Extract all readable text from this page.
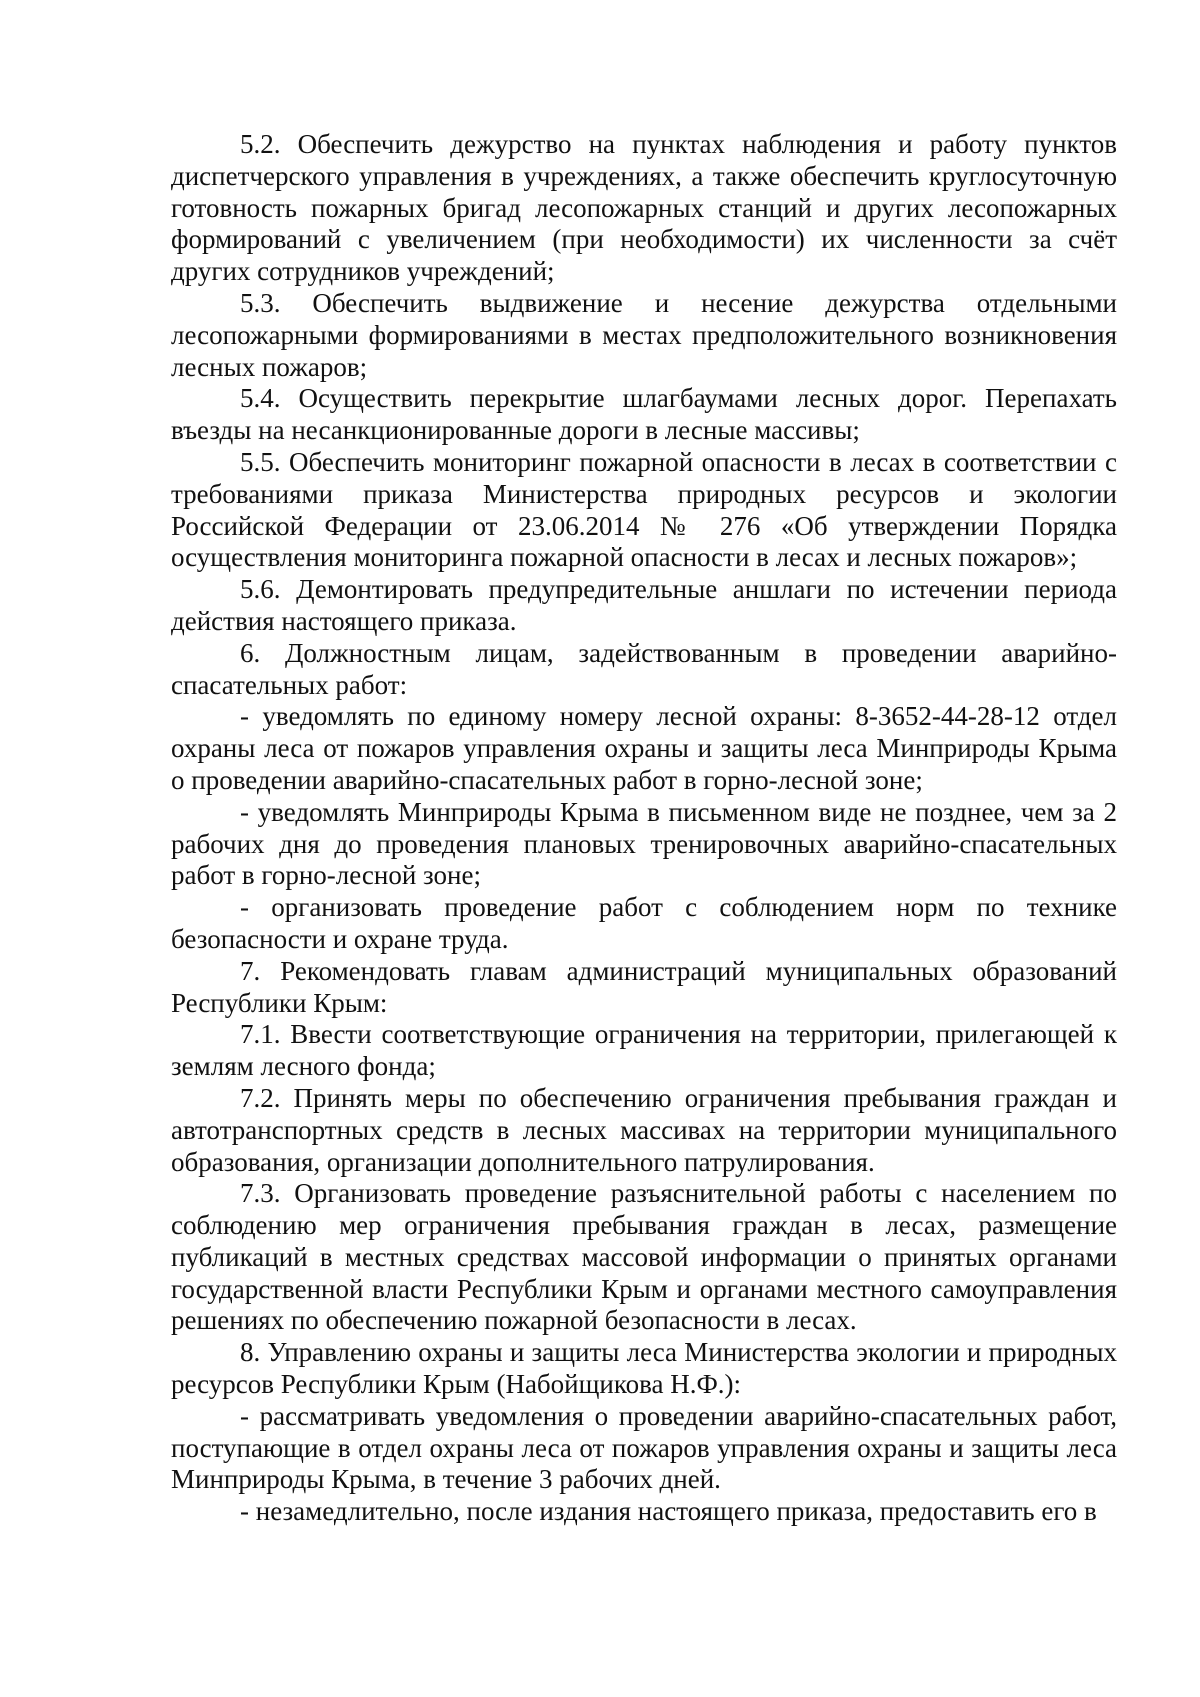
5.2. Обеспечить дежурство на пунктах наблюдения и работу пунктов диспетчерского управления в учреждениях, а также обеспечить круглосуточную готовность пожарных бригад лесопожарных станций и других лесопожарных формирований с увеличением (при необходимости) их численности за счёт других сотрудников учреждений;

5.3. Обеспечить выдвижение и несение дежурства отдельными лесопожарными формированиями в местах предположительного возникновения лесных пожаров;

5.4. Осуществить перекрытие шлагбаумами лесных дорог. Перепахать въезды на несанкционированные дороги в лесные массивы;

5.5. Обеспечить мониторинг пожарной опасности в лесах в соответствии с требованиями приказа Министерства природных ресурсов и экологии Российской Федерации от 23.06.2014 № 276 «Об утверждении Порядка осуществления мониторинга пожарной опасности в лесах и лесных пожаров»;

5.6. Демонтировать предупредительные аншлаги по истечении периода действия настоящего приказа.

6. Должностным лицам, задействованным в проведении аварийно-спасательных работ:

- уведомлять по единому номеру лесной охраны: 8-3652-44-28-12 отдел охраны леса от пожаров управления охраны и защиты леса Минприроды Крыма о проведении аварийно-спасательных работ в горно-лесной зоне;

- уведомлять Минприроды Крыма в письменном виде не позднее, чем за 2 рабочих дня до проведения плановых тренировочных аварийно-спасательных работ в горно-лесной зоне;

- организовать проведение работ с соблюдением норм по технике безопасности и охране труда.

7. Рекомендовать главам администраций муниципальных образований Республики Крым:

7.1. Ввести соответствующие ограничения на территории, прилегающей к землям лесного фонда;

7.2. Принять меры по обеспечению ограничения пребывания граждан и автотранспортных средств в лесных массивах на территории муниципального образования, организации дополнительного патрулирования.

7.3. Организовать проведение разъяснительной работы с населением по соблюдению мер ограничения пребывания граждан в лесах, размещение публикаций в местных средствах массовой информации о принятых органами государственной власти Республики Крым и органами местного самоуправления решениях по обеспечению пожарной безопасности в лесах.

8. Управлению охраны и защиты леса Министерства экологии и природных ресурсов Республики Крым (Набойщикова Н.Ф.):

- рассматривать уведомления о проведении аварийно-спасательных работ, поступающие в отдел охраны леса от пожаров управления охраны и защиты леса Минприроды Крыма, в течение 3 рабочих дней.

- незамедлительно, после издания настоящего приказа, предоставить его в
